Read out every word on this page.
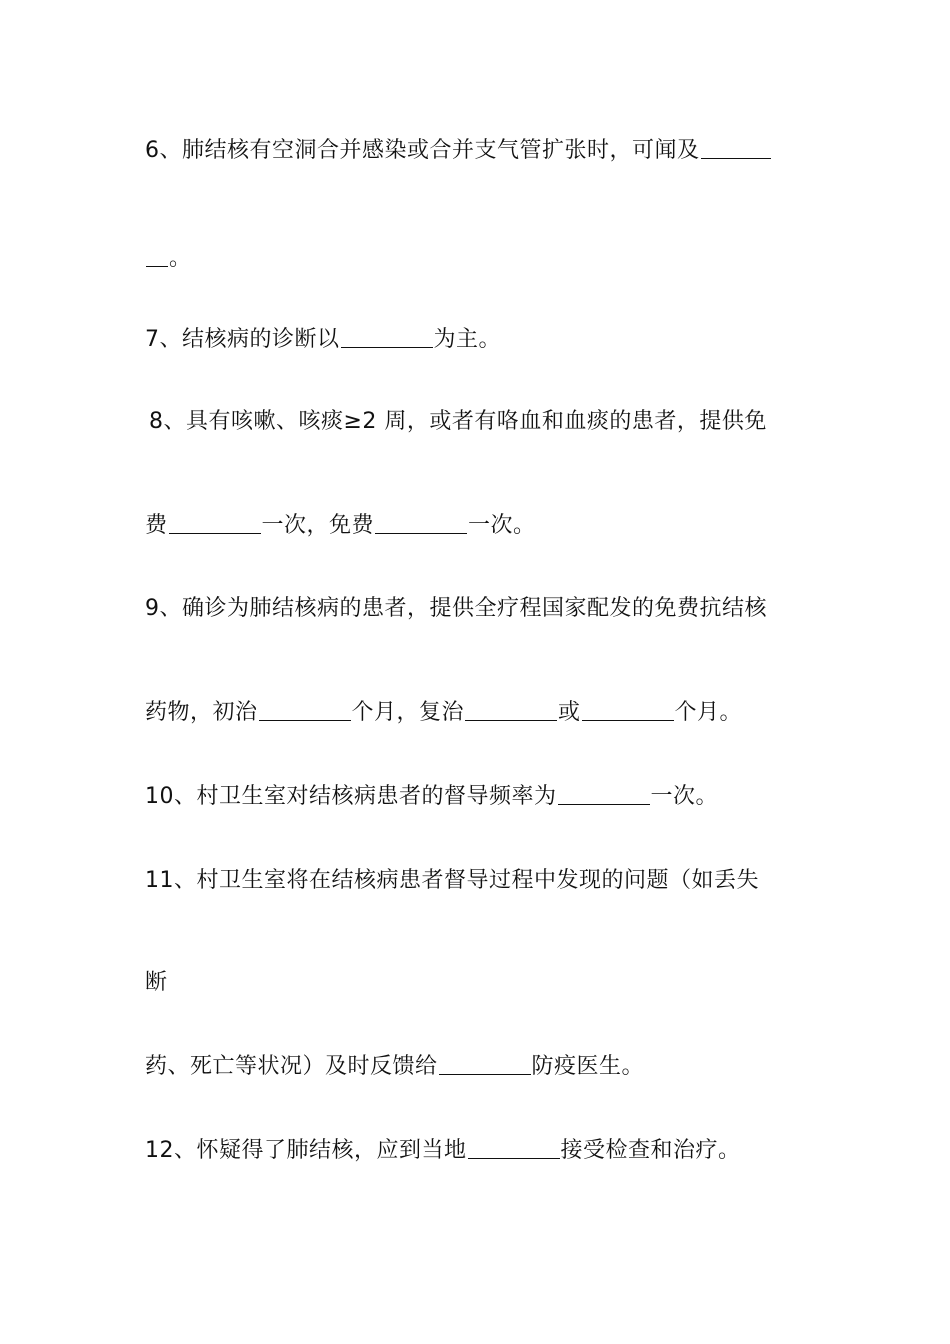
6、肺结核有空洞合并感染或合并支气管扩张时，可闻及
。
7、结核病的诊断以	为主。
8、具有咳嗽、咳痰≥2 周，或者有咯血和血痰的患者，提供免
费	一次，免费	一次。
9、确诊为肺结核病的患者，提供全疗程国家配发的免费抗结核
药物，初治	个月，复治	或	个月。
10、村卫生室对结核病患者的督导频率为	一次。
11、村卫生室将在结核病患者督导过程中发现的问题（如丢失
断
药、死亡等状况）及时反馈给	防疫医生。
12、怀疑得了肺结核，应到当地	接受检查和治疗。
